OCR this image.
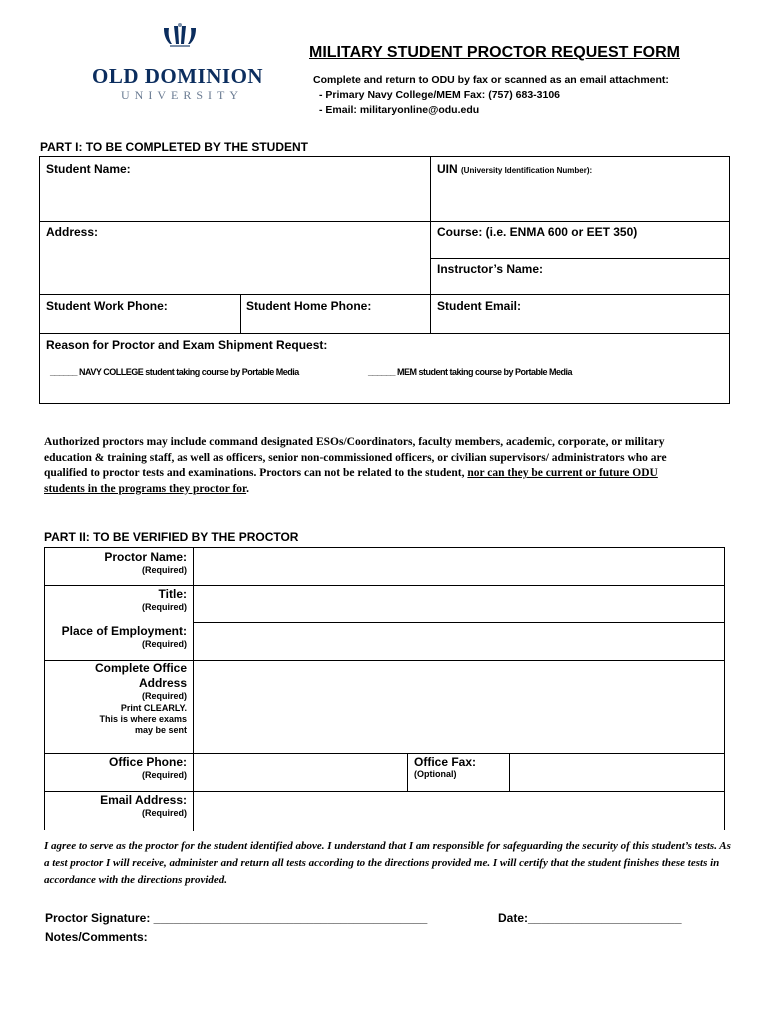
OLD DOMINION
UNIVERSITY
MILITARY STUDENT PROCTOR REQUEST FORM
Complete and return to ODU by fax or scanned as an email attachment:
- Primary Navy College/MEM Fax: (757) 683-3106
- Email: militaryonline@odu.edu
PART I: TO BE COMPLETED BY THE STUDENT
Student Name:	UIN (University Identification Number):
Address:	Course: (i.e. ENMA 600 or EET 350)
Instructor’s Name:
Student Work Phone:	Student Home Phone:	Student Email:
Reason for Proctor and Exam Shipment Request:
______ NAVY COLLEGE student taking course by Portable Media	______ MEM student taking course by Portable Media
Authorized proctors may include command designated ESOs/Coordinators, faculty members, academic, corporate, or military education & training staff, as well as officers, senior non-commissioned officers, or civilian supervisors/ administrators who are qualified to proctor tests and examinations. Proctors can not be related to the student, nor can they be current or future ODU students in the programs they proctor for.
PART II: TO BE VERIFIED BY THE PROCTOR
Proctor Name:
(Required)
Title:
(Required)
Place of Employment:
(Required)
Complete Office
Address
(Required)
Print CLEARLY.
This is where exams
may be sent
Office Phone:
(Required)
Office Fax:
(Optional)
Email Address:
(Required)
I agree to serve as the proctor for the student identified above. I understand that I am responsible for safeguarding the security of this student’s tests. As a test proctor I will receive, administer and return all tests according to the directions provided me. I will certify that the student finishes these tests in accordance with the directions provided.
Proctor Signature: _________________________________________	Date:_______________________
Notes/Comments:
